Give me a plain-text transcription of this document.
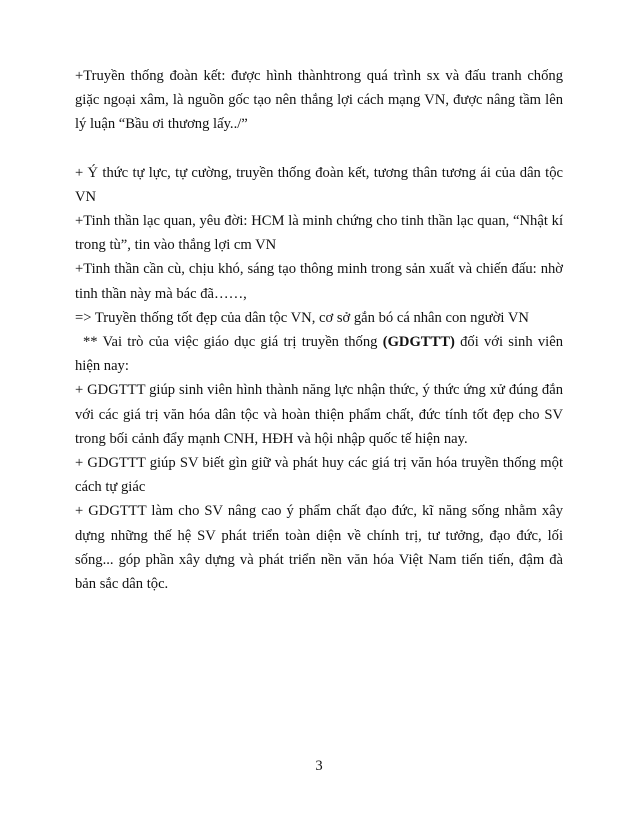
+Truyền thống đoàn kết: được hình thànhtrong quá trình sx và đấu tranh chống giặc ngoại xâm, là nguồn gốc tạo nên thắng lợi cách mạng VN, được nâng tầm lên lý luận “Bầu ơi thương lấy../”

+ Ý thức tự lực, tự cường, truyền thống đoàn kết, tương thân tương ái của dân tộc VN

+Tinh thần lạc quan, yêu đời: HCM là minh chứng cho tinh thần lạc quan, “Nhật kí trong tù”, tin vào thắng lợi cm VN

+Tinh thần cần cù, chịu khó, sáng tạo thông minh trong sản xuất và chiến đấu: nhờ tinh thần này mà bác đã……,

=> Truyền thống tốt đẹp của dân tộc VN, cơ sở gắn bó cá nhân con người VN

** Vai trò của việc giáo dục giá trị truyền thống (GDGTTT) đối với sinh viên hiện nay:

+ GDGTTT giúp sinh viên hình thành năng lực nhận thức, ý thức ứng xử đúng đắn với các giá trị văn hóa dân tộc và hoàn thiện phẩm chất, đức tính tốt đẹp cho SV trong bối cảnh đẩy mạnh CNH, HĐH và hội nhập quốc tế hiện nay.

+ GDGTTT giúp SV biết gìn giữ và phát huy các giá trị văn hóa truyền thống một cách tự giác

+ GDGTTT làm cho SV nâng cao ý phẩm chất đạo đức, kĩ năng sống nhằm xây dựng những thế hệ SV phát triển toàn diện về chính trị, tư tưởng, đạo đức, lối sống... góp phần xây dựng và phát triển nền văn hóa Việt Nam tiến tiến, đậm đà bản sắc dân tộc.

3
